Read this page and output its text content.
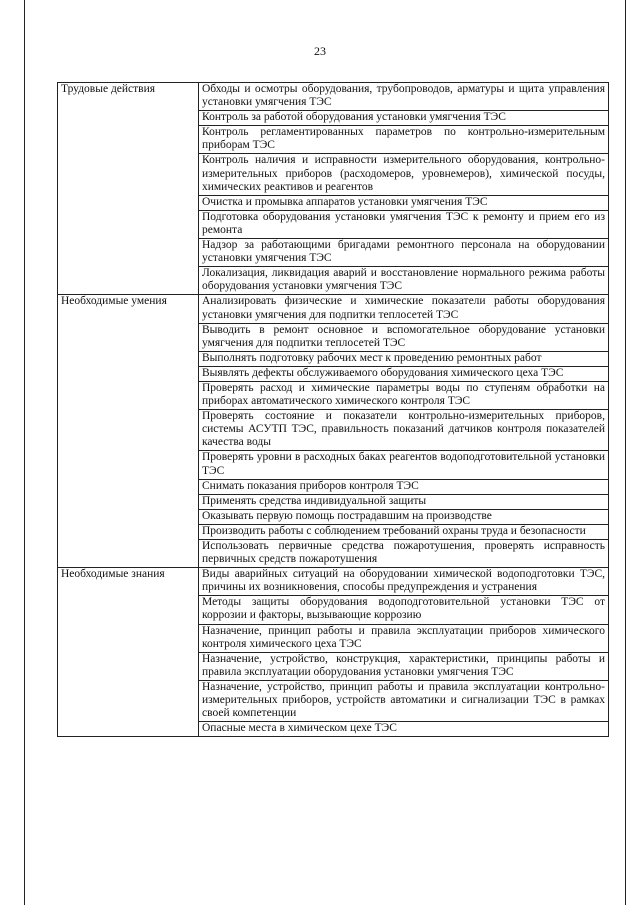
23
Трудовые действия	Обходы и осмотры оборудования, трубопроводов, арматуры и щита управления установки умягчения ТЭС
	Контроль за работой оборудования установки умягчения ТЭС
	Контроль регламентированных параметров по контрольно-измерительным приборам ТЭС
	Контроль наличия и исправности измерительного оборудования, контрольно-измерительных приборов (расходомеров, уровнемеров), химической посуды, химических реактивов и реагентов
	Очистка и промывка аппаратов установки умягчения ТЭС
	Подготовка оборудования установки умягчения ТЭС к ремонту и прием его из ремонта
	Надзор за работающими бригадами ремонтного персонала на оборудовании установки умягчения ТЭС
	Локализация, ликвидация аварий и восстановление нормального режима работы оборудования установки умягчения ТЭС
Необходимые умения	Анализировать физические и химические показатели работы оборудования установки умягчения для подпитки теплосетей ТЭС
	Выводить в ремонт основное и вспомогательное оборудование установки умягчения для подпитки теплосетей ТЭС
	Выполнять подготовку рабочих мест к проведению ремонтных работ
	Выявлять дефекты обслуживаемого оборудования химического цеха ТЭС
	Проверять расход и химические параметры воды по ступеням обработки на приборах автоматического химического контроля ТЭС
	Проверять состояние и показатели контрольно-измерительных приборов, системы АСУТП ТЭС, правильность показаний датчиков контроля показателей качества воды
	Проверять уровни в расходных баках реагентов водоподготовительной установки ТЭС
	Снимать показания приборов контроля ТЭС
	Применять средства индивидуальной защиты
	Оказывать первую помощь пострадавшим на производстве
	Производить работы с соблюдением требований охраны труда и безопасности
	Использовать первичные средства пожаротушения, проверять исправность первичных средств пожаротушения
Необходимые знания	Виды аварийных ситуаций на оборудовании химической водоподготовки ТЭС, причины их возникновения, способы предупреждения и устранения
	Методы защиты оборудования водоподготовительной установки ТЭС от коррозии и факторы, вызывающие коррозию
	Назначение, принцип работы и правила эксплуатации приборов химического контроля химического цеха ТЭС
	Назначение, устройство, конструкция, характеристики, принципы работы и правила эксплуатации оборудования установки умягчения ТЭС
	Назначение, устройство, принцип работы и правила эксплуатации контрольно-измерительных приборов, устройств автоматики и сигнализации ТЭС в рамках своей компетенции
	Опасные места в химическом цехе ТЭС
